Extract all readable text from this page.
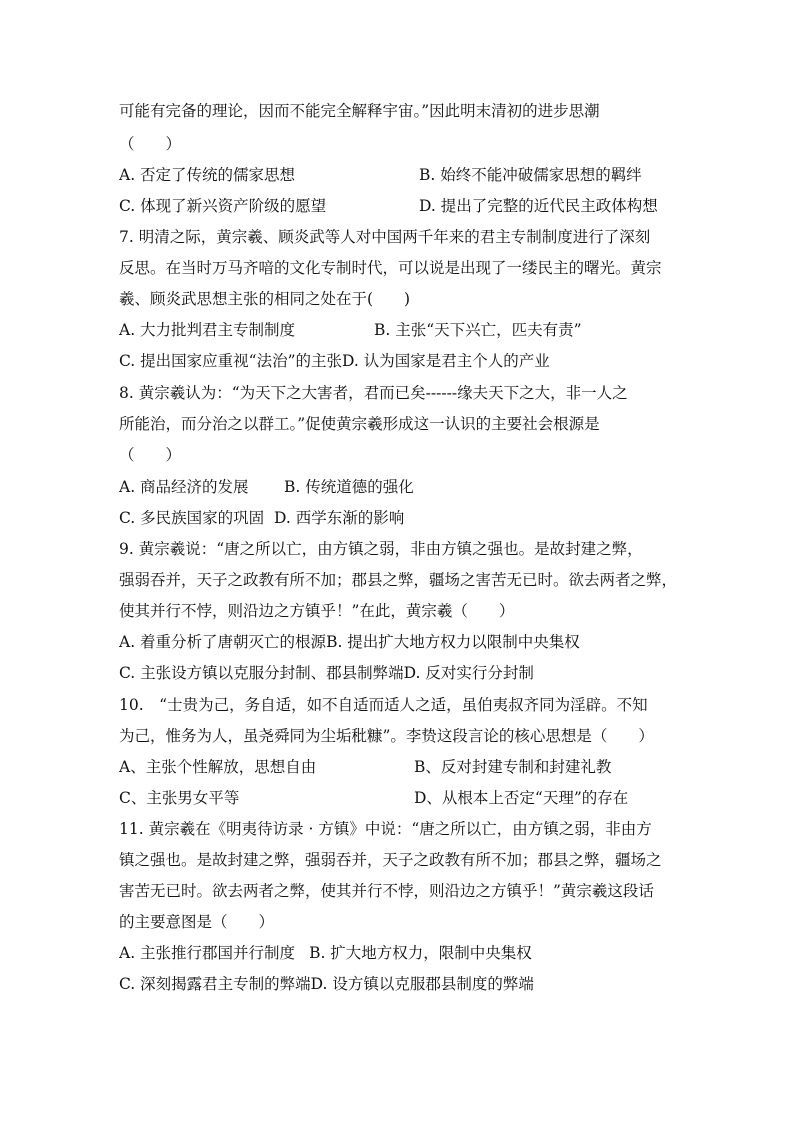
可能有完备的理论，因而不能完全解释宇宙。”因此明末清初的进步思潮
（　　）
A. 否定了传统的儒家思想	B. 始终不能冲破儒家思想的羁绊
C. 体现了新兴资产阶级的愿望	D. 提出了完整的近代民主政体构想
7. 明清之际，黄宗羲、顾炎武等人对中国两千年来的君主专制制度进行了深刻
反思。在当时万马齐喑的文化专制时代，可以说是出现了一缕民主的曙光。黄宗
羲、顾炎武思想主张的相同之处在于(　　)
A. 大力批判君主专制制度	B. 主张“天下兴亡，匹夫有责”
C. 提出国家应重视“法治”的主张 D. 认为国家是君主个人的产业
8. 黄宗羲认为：“为天下之大害者，君而已矣------缘夫天下之大，非一人之
所能治，而分治之以群工。”促使黄宗羲形成这一认识的主要社会根源是
（　　）
A. 商品经济的发展	B. 传统道德的强化
C. 多民族国家的巩固 D. 西学东渐的影响
9. 黄宗羲说：“唐之所以亡，由方镇之弱，非由方镇之强也。是故封建之弊，
强弱吞并，天子之政教有所不加；郡县之弊，疆场之害苦无已时。欲去两者之弊，
使其并行不悖，则沿边之方镇乎！”在此，黄宗羲（　　）
A. 着重分析了唐朝灭亡的根源 B. 提出扩大地方权力以限制中央集权
C. 主张设方镇以克服分封制、郡县制弊端 D. 反对实行分封制
10.　“士贵为己，务自适，如不自适而适人之适，虽伯夷叔齐同为淫辟。不知
为己，惟务为人，虽尧舜同为尘垢秕糠”。李贽这段言论的核心思想是（　　）
A、主张个性解放，思想自由	B、反对封建专制和封建礼教
C、主张男女平等	D、从根本上否定“天理”的存在
11. 黄宗羲在《明夷待访录 · 方镇》中说：“唐之所以亡，由方镇之弱，非由方
镇之强也。是故封建之弊，强弱吞并，天子之政教有所不加；郡县之弊，疆场之
害苦无已时。欲去两者之弊，使其并行不悖，则沿边之方镇乎！”黄宗羲这段话
的主要意图是（　　）
A. 主张推行郡国并行制度 B. 扩大地方权力，限制中央集权
C. 深刻揭露君主专制的弊端 D. 设方镇以克服郡县制度的弊端
